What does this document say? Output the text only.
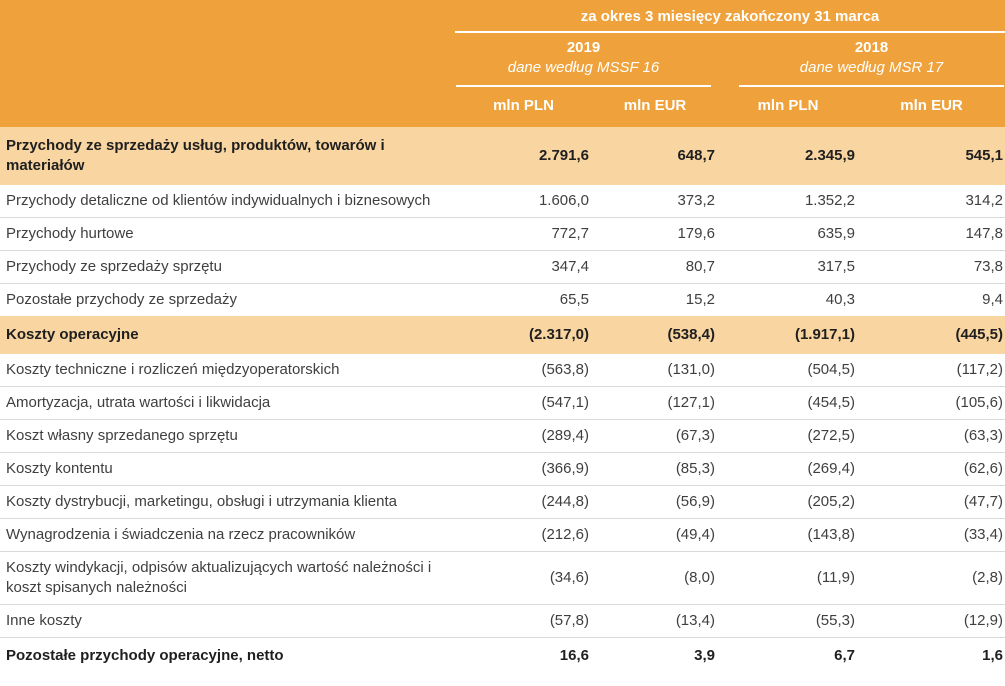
	za okres 3 miesięcy zakończony 31 marca			

2019
dane według MSSF 16

2018
dane według MSR 17

	mln PLN	mln EUR	mln PLN	mln EUR
Przychody ze sprzedaży usług, produktów, towarów i materiałów	2.791,6	648,7	2.345,9	545,1
Przychody detaliczne od klientów indywidualnych i biznesowych	1.606,0	373,2	1.352,2	314,2
Przychody hurtowe	772,7	179,6	635,9	147,8
Przychody ze sprzedaży sprzętu	347,4	80,7	317,5	73,8
Pozostałe przychody ze sprzedaży	65,5	15,2	40,3	9,4
Koszty operacyjne	(2.317,0)	(538,4)	(1.917,1)	(445,5)
Koszty techniczne i rozliczeń międzyoperatorskich	(563,8)	(131,0)	(504,5)	(117,2)
Amortyzacja, utrata wartości i likwidacja	(547,1)	(127,1)	(454,5)	(105,6)
Koszt własny sprzedanego sprzętu	(289,4)	(67,3)	(272,5)	(63,3)
Koszty kontentu	(366,9)	(85,3)	(269,4)	(62,6)
Koszty dystrybucji, marketingu, obsługi i utrzymania klienta	(244,8)	(56,9)	(205,2)	(47,7)
Wynagrodzenia i świadczenia na rzecz pracowników	(212,6)	(49,4)	(143,8)	(33,4)
Koszty windykacji, odpisów aktualizujących wartość należności i koszt spisanych należności	(34,6)	(8,0)	(11,9)	(2,8)
Inne koszty	(57,8)	(13,4)	(55,3)	(12,9)
Pozostałe przychody operacyjne, netto	16,6	3,9	6,7	1,6
